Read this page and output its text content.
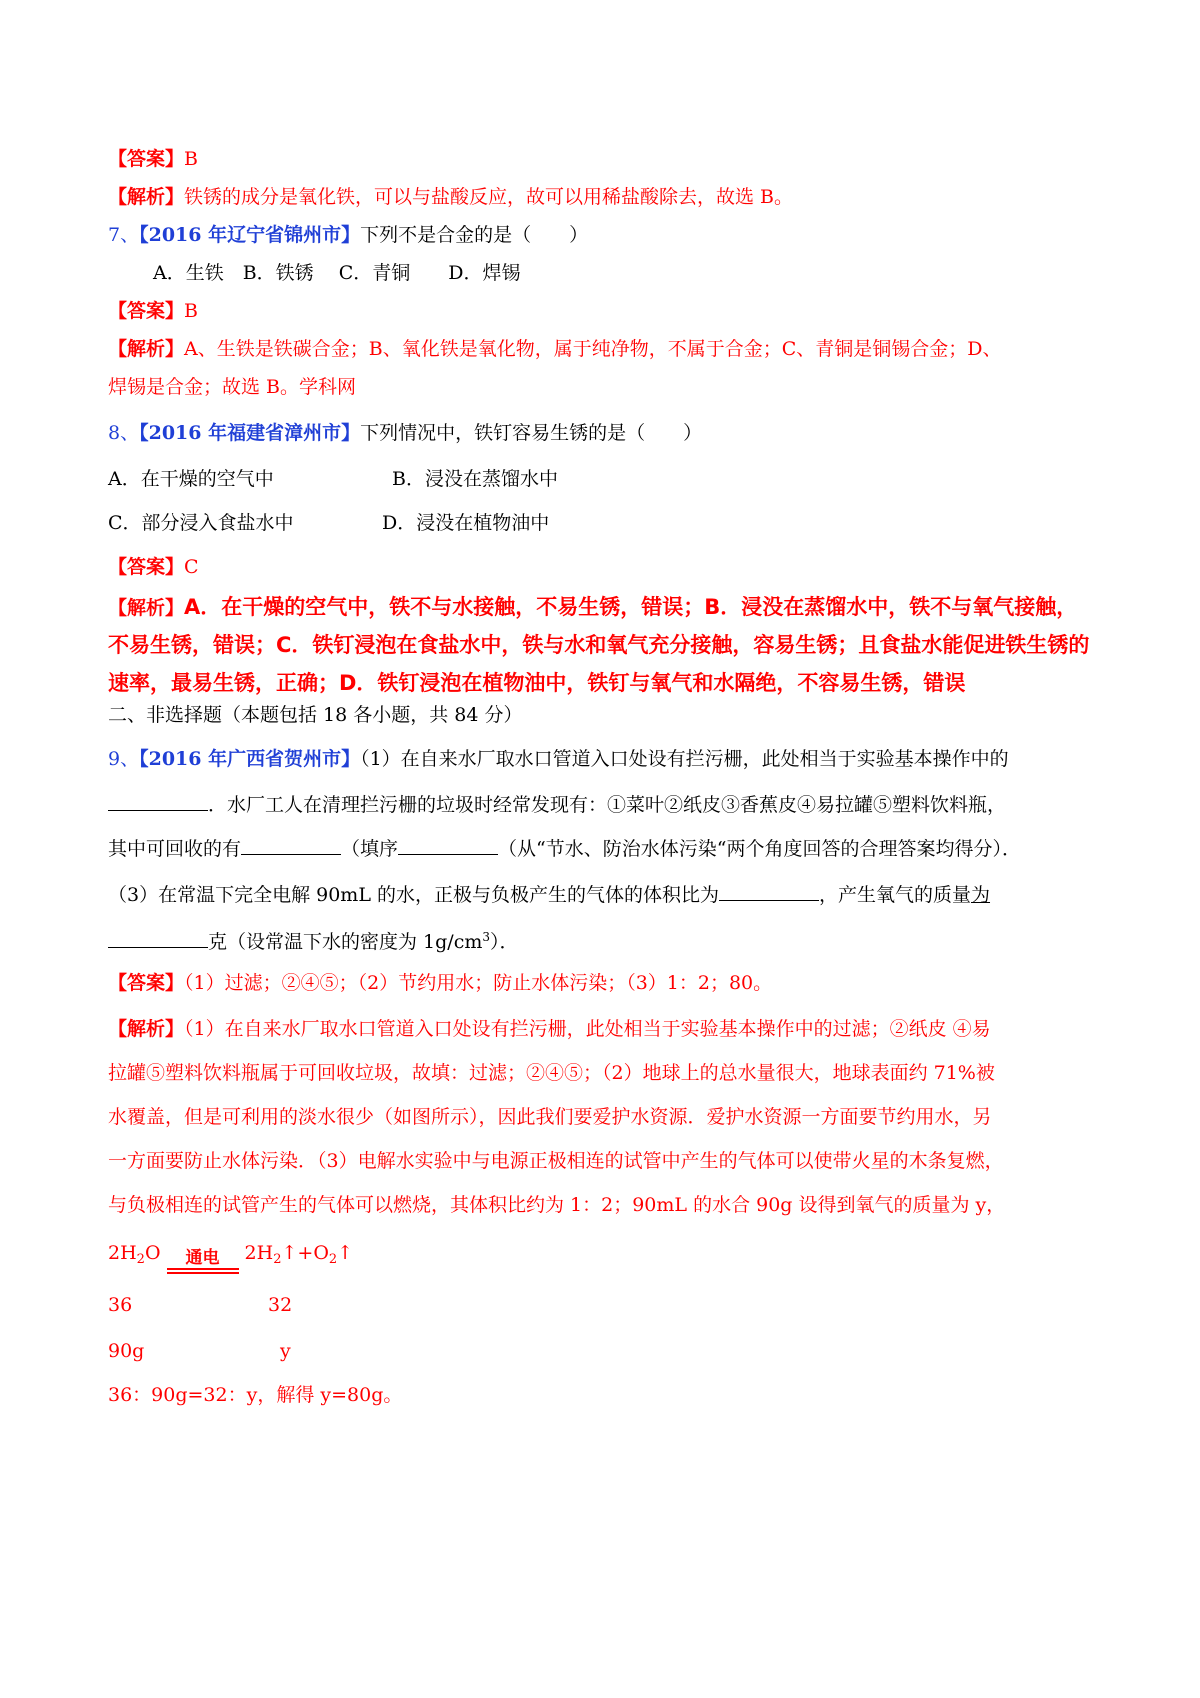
【答案】B
【解析】铁锈的成分是氧化铁，可以与盐酸反应，故可以用稀盐酸除去，故选 B。
7、【2016 年辽宁省锦州市】下列不是合金的是（　　）
A．生铁　B．铁锈　 C．青铜　　D．焊锡
【答案】B
【解析】A、生铁是铁碳合金；B、氧化铁是氧化物，属于纯净物，不属于合金；C、青铜是铜锡合金；D、
焊锡是合金；故选 B。学科网
8、【2016 年福建省漳州市】下列情况中，铁钉容易生锈的是（　　）
A．在干燥的空气中	B．浸没在蒸馏水中
C．部分浸入食盐水中	D．浸没在植物油中
【答案】C
【解析】A．在干燥的空气中，铁不与水接触，不易生锈，错误；B．浸没在蒸馏水中，铁不与氧气接触，
不易生锈，错误；C．铁钉浸泡在食盐水中，铁与水和氧气充分接触，容易生锈；且食盐水能促进铁生锈的
速率，最易生锈，正确；D．铁钉浸泡在植物油中，铁钉与氧气和水隔绝，不容易生锈，错误
二、非选择题（本题包括 18 各小题，共 84 分）
9、【2016 年广西省贺州市】（1）在自来水厂取水口管道入口处设有拦污栅，此处相当于实验基本操作中的
．水厂工人在清理拦污栅的垃圾时经常发现有：①菜叶②纸皮③香蕉皮④易拉罐⑤塑料饮料瓶，
其中可回收的有	（填序	（从“节水、防治水体污染“两个角度回答的合理答案均得分）．
（3）在常温下完全电解 90mL 的水，正极与负极产生的气体的体积比为	，产生氧气的质量为
克（设常温下水的密度为 $1g/cm^3$）．
【答案】（1）过滤；②④⑤；（2）节约用水；防止水体污染；（3）1：2；80。
【解析】（1）在自来水厂取水口管道入口处设有拦污栅，此处相当于实验基本操作中的过滤；②纸皮 ④易
拉罐⑤塑料饮料瓶属于可回收垃圾，故填：过滤；②④⑤；（2）地球上的总水量很大，地球表面约 71%被
水覆盖，但是可利用的淡水很少（如图所示），因此我们要爱护水资源．爱护水资源一方面要节约用水，另
一方面要防止水体污染．（3）电解水实验中与电源正极相连的试管中产生的气体可以使带火星的木条复燃，
与负极相连的试管产生的气体可以燃烧，其体积比约为 1：2；90mL 的水合 90g 设得到氧气的质量为 y，
$2H_2O$	通电	$2H_2↑+O_2↑$
36	32
90g	y
36：90g=32：y，解得 y=80g。
